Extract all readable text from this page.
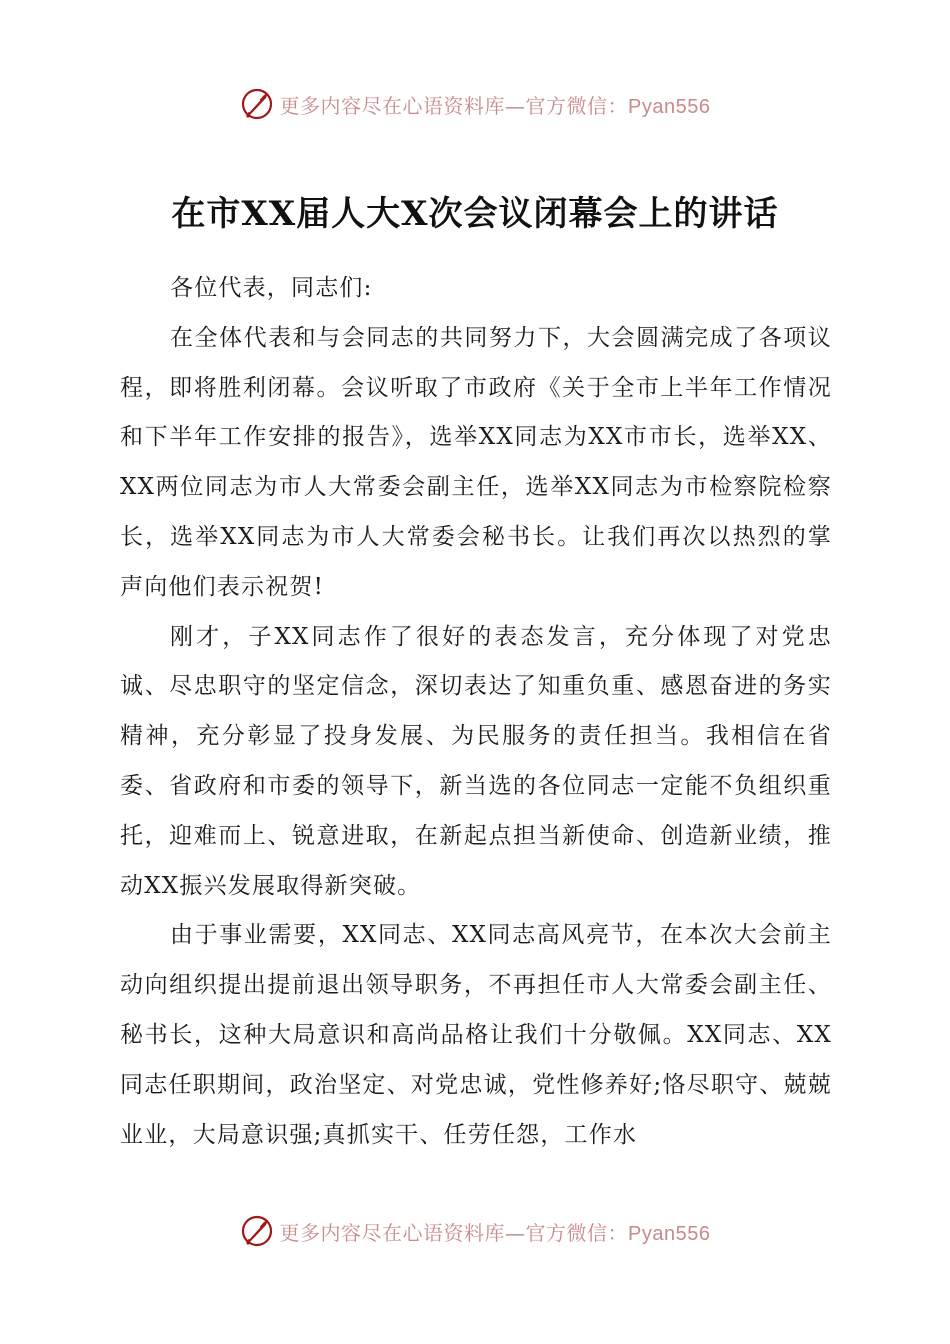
更多内容尽在心语资料库—官方微信：Pyan556
在市XX届人大X次会议闭幕会上的讲话

各位代表，同志们:

在全体代表和与会同志的共同努力下，大会圆满完成了各项议程，即将胜利闭幕。会议听取了市政府《关于全市上半年工作情况和下半年工作安排的报告》，选举XX同志为XX市市长，选举XX、XX两位同志为市人大常委会副主任，选举XX同志为市检察院检察长，选举XX同志为市人大常委会秘书长。让我们再次以热烈的掌声向他们表示祝贺!

刚才，子XX同志作了很好的表态发言，充分体现了对党忠诚、尽忠职守的坚定信念，深切表达了知重负重、感恩奋进的务实精神，充分彰显了投身发展、为民服务的责任担当。我相信在省委、省政府和市委的领导下，新当选的各位同志一定能不负组织重托，迎难而上、锐意进取，在新起点担当新使命、创造新业绩，推动XX振兴发展取得新突破。

由于事业需要，XX同志、XX同志高风亮节，在本次大会前主动向组织提出提前退出领导职务，不再担任市人大常委会副主任、秘书长，这种大局意识和高尚品格让我们十分敬佩。XX同志、XX同志任职期间，政治坚定、对党忠诚，党性修养好;恪尽职守、兢兢业业，大局意识强;真抓实干、任劳任怨，工作水

更多内容尽在心语资料库—官方微信：Pyan556
